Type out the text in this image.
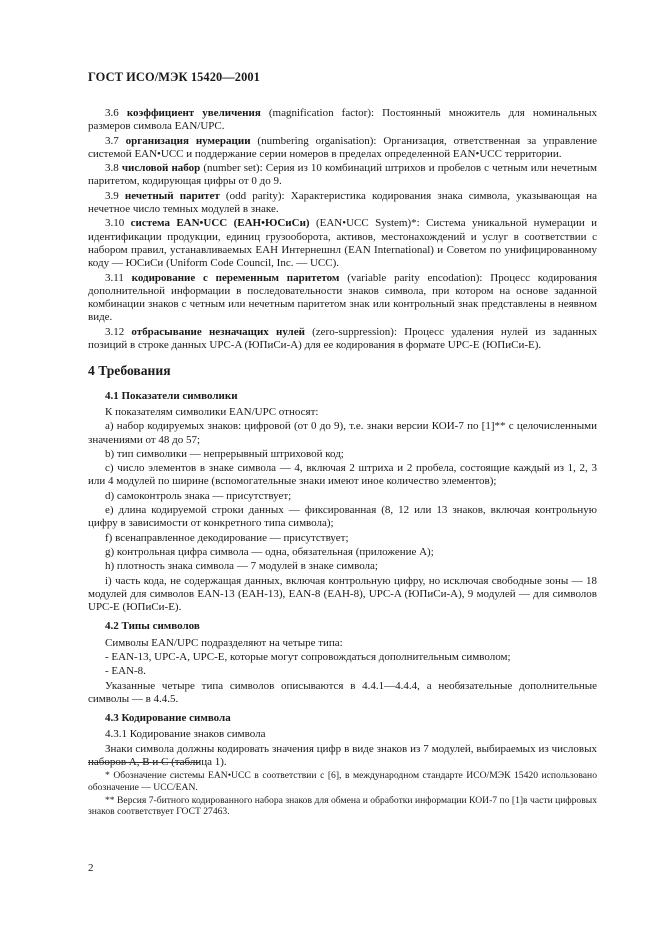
ГОСТ ИСО/МЭК 15420—2001

3.6 коэффициент увеличения (magnification factor): Постоянный множитель для номинальных размеров символа EAN/UPC.

3.7 организация нумерации (numbering organisation): Организация, ответственная за управление системой EAN•UCC и поддержание серии номеров в пределах определенной EAN•UCC территории.

3.8 числовой набор (number set): Серия из 10 комбинаций штрихов и пробелов с четным или нечетным паритетом, кодирующая цифры от 0 до 9.

3.9 нечетный паритет (odd parity): Характеристика кодирования знака символа, указывающая на нечетное число темных модулей в знаке.

3.10 система EAN•UCC (ЕАН•ЮСиСи) (EAN•UCC System)*: Система уникальной нумерации и идентификации продукции, единиц грузооборота, активов, местонахождений и услуг в соответствии с набором правил, устанавливаемых ЕАН Интернешнл (EAN International) и Советом по унифицированному коду — ЮСиСи (Uniform Code Council, Inc. — UCC).

3.11 кодирование с переменным паритетом (variable parity encodation): Процесс кодирования дополнительной информации в последовательности знаков символа, при котором на основе заданной комбинации знаков с четным или нечетным паритетом знак или контрольный знак представлены в неявном виде.

3.12 отбрасывание незначащих нулей (zero-suppression): Процесс удаления нулей из заданных позиций в строке данных UPC-A (ЮПиСи-А) для ее кодирования в формате UPC-E (ЮПиСи-Е).

4 Требования
4.1 Показатели символики

К показателям символики EAN/UPC относят:

а) набор кодируемых знаков: цифровой (от 0 до 9), т.е. знаки версии КОИ-7 по [1]** с целочисленными значениями от 48 до 57;

b) тип символики — непрерывный штриховой код;

с) число элементов в знаке символа — 4, включая 2 штриха и 2 пробела, состоящие каждый из 1, 2, 3 или 4 модулей по ширине (вспомогательные знаки имеют иное количество элементов);

d) самоконтроль знака — присутствует;

е) длина кодируемой строки данных — фиксированная (8, 12 или 13 знаков, включая контрольную цифру в зависимости от конкретного типа символа);

f) всенаправленное декодирование — присутствует;

g) контрольная цифра символа — одна, обязательная (приложение А);

h) плотность знака символа — 7 модулей в знаке символа;

i) часть кода, не содержащая данных, включая контрольную цифру, но исключая свободные зоны — 18 модулей для символов EAN-13 (ЕАН-13), EAN-8 (ЕАН-8), UPC-A (ЮПиСи-А), 9 модулей — для символов UPC-E (ЮПиСи-Е).

4.2 Типы символов

Символы EAN/UPC подразделяют на четыре типа:

- EAN-13, UPC-A, UPC-E, которые могут сопровождаться дополнительным символом;

- EAN-8.

Указанные четыре типа символов описываются в 4.4.1—4.4.4, а необязательные дополнительные символы — в 4.4.5.

4.3 Кодирование символа

4.3.1 Кодирование знаков символа

Знаки символа должны кодировать значения цифр в виде знаков из 7 модулей, выбираемых из числовых наборов А, В и С (таблица 1).

* Обозначение системы EAN•UCC в соответствии с [6], в международном стандарте ИСО/МЭК 15420 использовано обозначение — UCC/EAN.

** Версия 7-битного кодированного набора знаков для обмена и обработки информации КОИ-7 по [1]в части цифровых знаков соответствует ГОСТ 27463.

2
